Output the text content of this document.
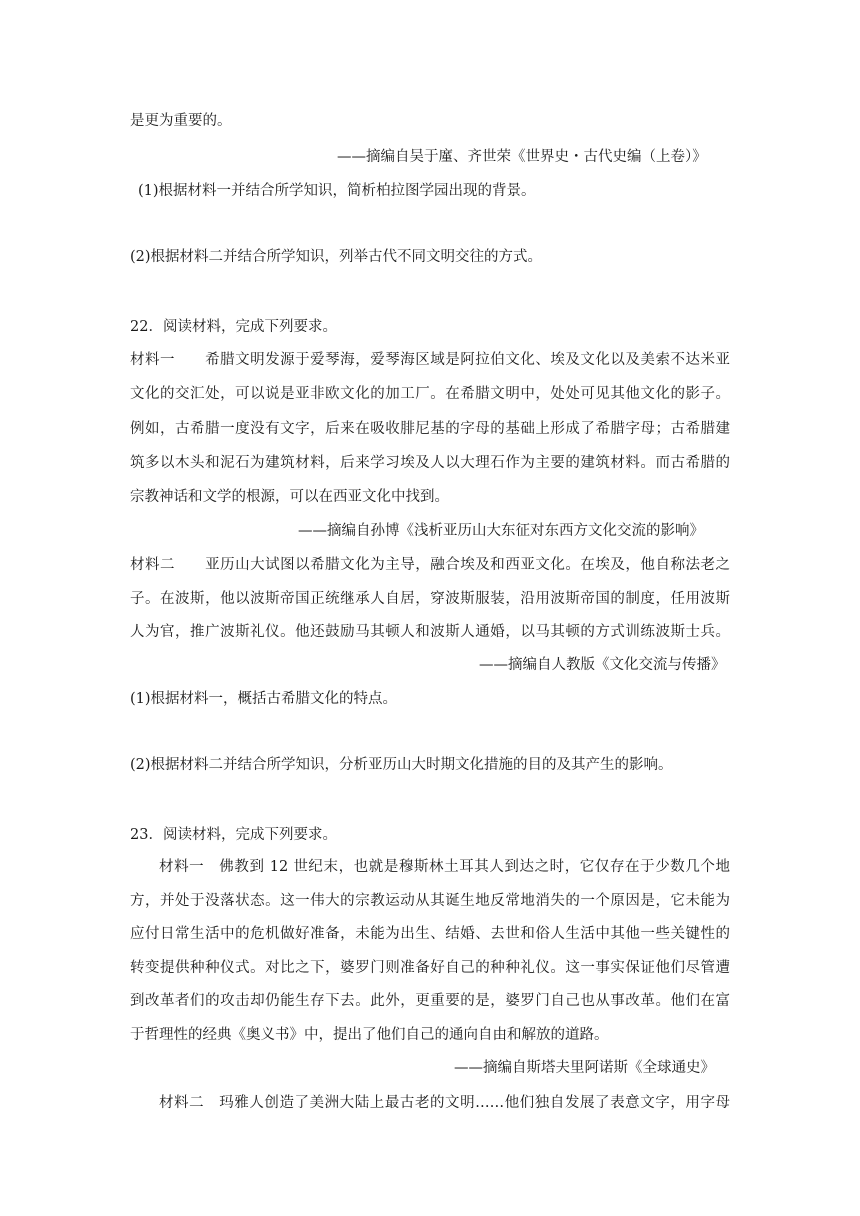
是更为重要的。
——摘编自吴于廑、齐世荣《世界史・古代史编（上卷）》
(1)根据材料一并结合所学知识，简析柏拉图学园出现的背景。
(2)根据材料二并结合所学知识，列举古代不同文明交往的方式。
22．阅读材料，完成下列要求。
材料一　　希腊文明发源于爱琴海，爱琴海区域是阿拉伯文化、埃及文化以及美索不达米亚
文化的交汇处，可以说是亚非欧文化的加工厂。在希腊文明中，处处可见其他文化的影子。
例如，古希腊一度没有文字，后来在吸收腓尼基的字母的基础上形成了希腊字母；古希腊建
筑多以木头和泥石为建筑材料，后来学习埃及人以大理石作为主要的建筑材料。而古希腊的
宗教神话和文学的根源，可以在西亚文化中找到。
——摘编自孙博《浅析亚历山大东征对东西方文化交流的影响》
材料二　　亚历山大试图以希腊文化为主导，融合埃及和西亚文化。在埃及，他自称法老之
子。在波斯，他以波斯帝国正统继承人自居，穿波斯服装，沿用波斯帝国的制度，任用波斯
人为官，推广波斯礼仪。他还鼓励马其顿人和波斯人通婚，以马其顿的方式训练波斯士兵。
——摘编自人教版《文化交流与传播》
(1)根据材料一，概括古希腊文化的特点。
(2)根据材料二并结合所学知识，分析亚历山大时期文化措施的目的及其产生的影响。
23．阅读材料，完成下列要求。
材料一　佛教到 12 世纪末，也就是穆斯林土耳其人到达之时，它仅存在于少数几个地
方，并处于没落状态。这一伟大的宗教运动从其诞生地反常地消失的一个原因是，它未能为
应付日常生活中的危机做好准备，未能为出生、结婚、去世和俗人生活中其他一些关键性的
转变提供种种仪式。对比之下，婆罗门则准备好自己的种种礼仪。这一事实保证他们尽管遭
到改革者们的攻击却仍能生存下去。此外，更重要的是，婆罗门自己也从事改革。他们在富
于哲理性的经典《奥义书》中，提出了他们自己的通向自由和解放的道路。
——摘编自斯塔夫里阿诺斯《全球通史》
材料二　玛雅人创造了美洲大陆上最古老的文明……他们独自发展了表意文字，用字母
